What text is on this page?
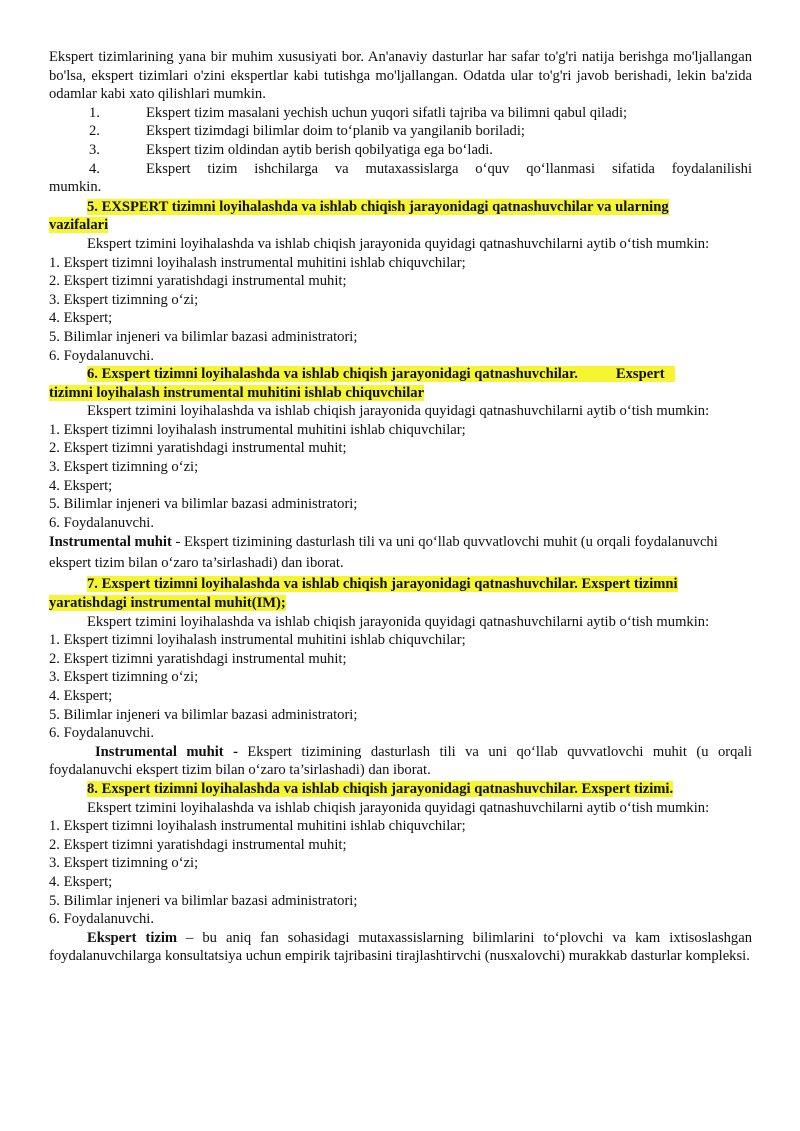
Ekspert tizimlarining yana bir muhim xususiyati bor. An'anaviy dasturlar har safar to'g'ri natija berishga mo'ljallangan bo'lsa, ekspert tizimlari o'zini ekspertlar kabi tutishga mo'ljallangan. Odatda ular to'g'ri javob berishadi, lekin ba'zida odamlar kabi xato qilishlari mumkin.

1.	Ekspert tizim masalani yechish uchun yuqori sifatli tajriba va bilimni qabul qiladi;
2.	Ekspert tizimdagi bilimlar doim to‘planib va yangilanib boriladi;
3.	Ekspert tizim oldindan aytib berish qobilyatiga ega bo‘ladi.
4.	Ekspert tizim ishchilarga va mutaxassislarga o‘quv qo‘llanmasi sifatida foydalanilishi

mumkin.

5. EXSPERT tizimni loyihalashda va ishlab chiqish jarayonidagi qatnashuvchilar va ularning
vazifalari

Ekspert tzimini loyihalashda va ishlab chiqish jarayonida quyidagi qatnashuvchilarni aytib o‘tish mumkin:

1. Ekspert tizimni loyihalash instrumental muhitini ishlab chiquvchilar;

2. Ekspert tizimni yaratishdagi instrumental muhit;

3. Ekspert tizimning o‘zi;

4. Ekspert;

5. Bilimlar injeneri va bilimlar bazasi administratori;

6. Foydalanuvchi.

6. Exspert tizimni loyihalashda va ishlab chiqish jarayonidagi qatnashuvchilar.	Exspert
tizimni loyihalash instrumental muhitini ishlab chiquvchilar

Ekspert tzimini loyihalashda va ishlab chiqish jarayonida quyidagi qatnashuvchilarni aytib o‘tish mumkin:

1. Ekspert tizimni loyihalash instrumental muhitini ishlab chiquvchilar;

2. Ekspert tizimni yaratishdagi instrumental muhit;

3. Ekspert tizimning o‘zi;

4. Ekspert;

5. Bilimlar injeneri va bilimlar bazasi administratori;

6. Foydalanuvchi.

Instrumental muhit - Ekspert tizimining dasturlash tili va uni qo‘llab quvvatlovchi muhit (u orqali foydalanuvchi ekspert tizim bilan o‘zaro ta’sirlashadi) dan iborat.

7. Exspert tizimni loyihalashda va ishlab chiqish jarayonidagi qatnashuvchilar. Exspert tizimni
yaratishdagi instrumental muhit(IM);

Ekspert tzimini loyihalashda va ishlab chiqish jarayonida quyidagi qatnashuvchilarni aytib o‘tish mumkin:

1. Ekspert tizimni loyihalash instrumental muhitini ishlab chiquvchilar;

2. Ekspert tizimni yaratishdagi instrumental muhit;

3. Ekspert tizimning o‘zi;

4. Ekspert;

5. Bilimlar injeneri va bilimlar bazasi administratori;

6. Foydalanuvchi.

Instrumental muhit - Ekspert tizimining dasturlash tili va uni qo‘llab quvvatlovchi muhit (u orqali foydalanuvchi ekspert tizim bilan o‘zaro ta’sirlashadi) dan iborat.

8. Exspert tizimni loyihalashda va ishlab chiqish jarayonidagi qatnashuvchilar. Exspert tizimi.

Ekspert tzimini loyihalashda va ishlab chiqish jarayonida quyidagi qatnashuvchilarni aytib o‘tish mumkin:

1. Ekspert tizimni loyihalash instrumental muhitini ishlab chiquvchilar;

2. Ekspert tizimni yaratishdagi instrumental muhit;

3. Ekspert tizimning o‘zi;

4. Ekspert;

5. Bilimlar injeneri va bilimlar bazasi administratori;

6. Foydalanuvchi.

Ekspert tizim – bu aniq fan sohasidagi mutaxassislarning bilimlarini to‘plovchi va kam ixtisoslashgan foydalanuvchilarga konsultatsiya uchun empirik tajribasini tirajlashtirvchi (nusxalovchi) murakkab dasturlar kompleksi.
